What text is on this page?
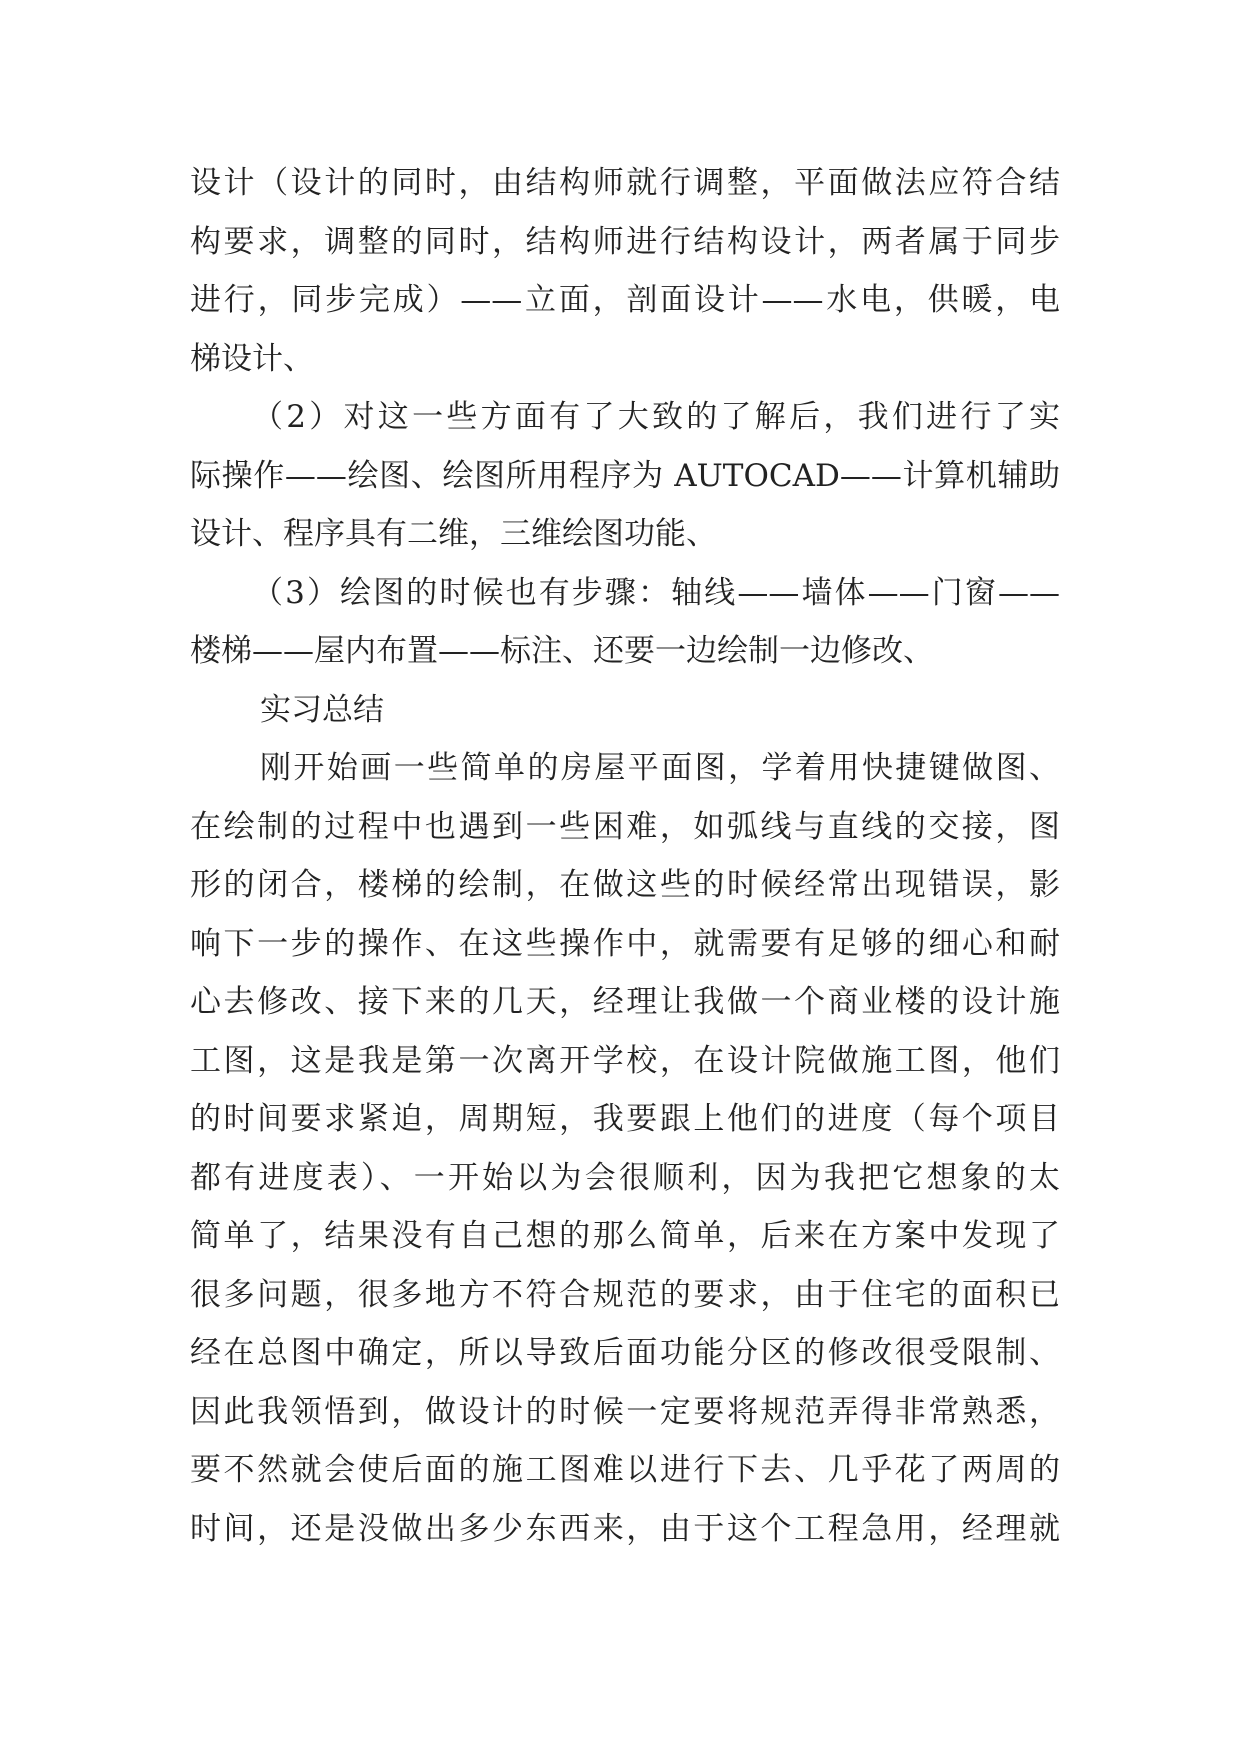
设计（设计的同时，由结构师就行调整，平面做法应符合结
构要求，调整的同时，结构师进行结构设计，两者属于同步
进行，同步完成）——立面，剖面设计——水电，供暖，电
梯设计、
（2）对这一些方面有了大致的了解后，我们进行了实
际操作——绘图、绘图所用程序为 AUTOCAD——计算机辅助
设计、程序具有二维，三维绘图功能、
（3）绘图的时候也有步骤：轴线——墙体——门窗——
楼梯——屋内布置——标注、还要一边绘制一边修改、
实习总结
刚开始画一些简单的房屋平面图，学着用快捷键做图、
在绘制的过程中也遇到一些困难，如弧线与直线的交接，图
形的闭合，楼梯的绘制，在做这些的时候经常出现错误，影
响下一步的操作、在这些操作中，就需要有足够的细心和耐
心去修改、接下来的几天，经理让我做一个商业楼的设计施
工图，这是我是第一次离开学校，在设计院做施工图，他们
的时间要求紧迫，周期短，我要跟上他们的进度（每个项目
都有进度表）、一开始以为会很顺利，因为我把它想象的太
简单了，结果没有自己想的那么简单，后来在方案中发现了
很多问题，很多地方不符合规范的要求，由于住宅的面积已
经在总图中确定，所以导致后面功能分区的修改很受限制、
因此我领悟到，做设计的时候一定要将规范弄得非常熟悉，
要不然就会使后面的施工图难以进行下去、几乎花了两周的
时间，还是没做出多少东西来，由于这个工程急用，经理就
